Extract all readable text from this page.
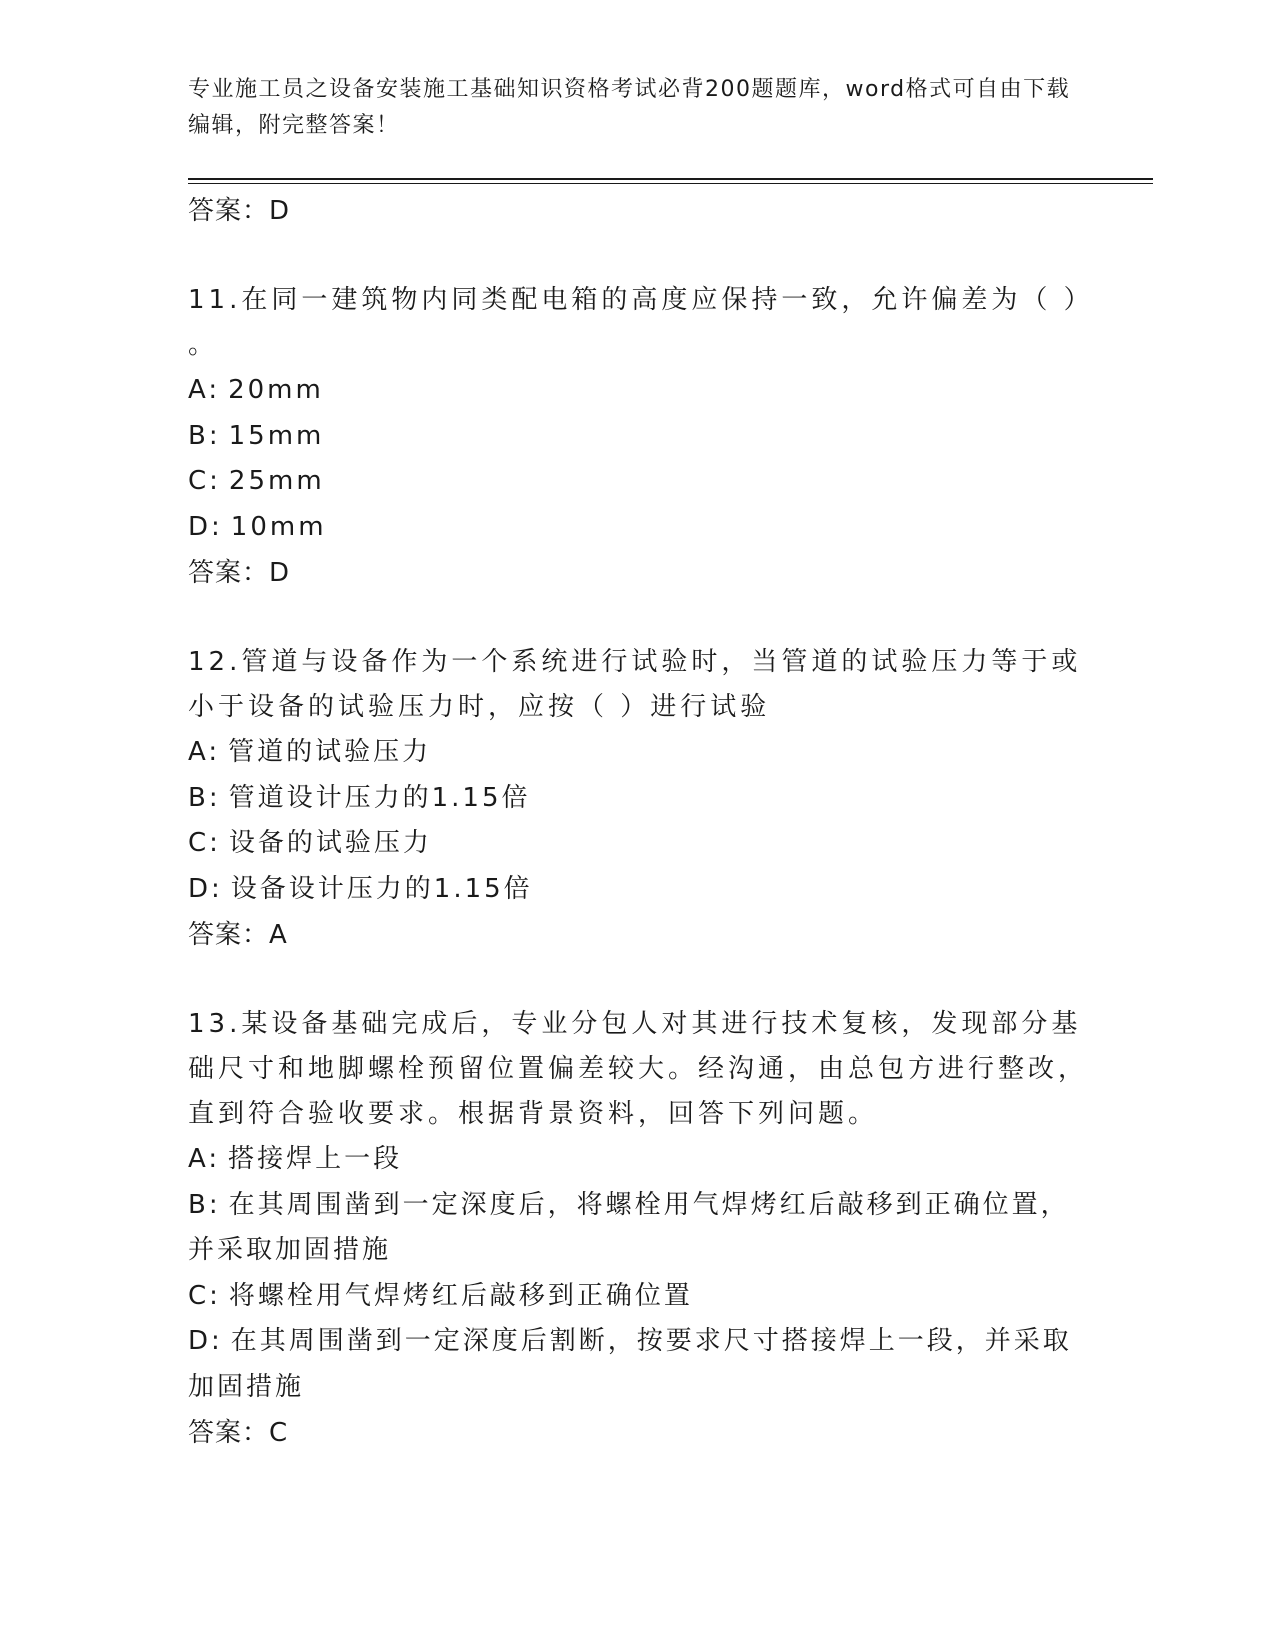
专业施工员之设备安装施工基础知识资格考试必背200题题库，word格式可自由下载编辑，附完整答案！
答案：D
11.在同一建筑物内同类配电箱的高度应保持一致，允许偏差为（ ）
。
A: 20mm
B: 15mm
C: 25mm
D: 10mm
答案：D
12.管道与设备作为一个系统进行试验时，当管道的试验压力等于或小于设备的试验压力时，应按（ ）进行试验
A: 管道的试验压力
B: 管道设计压力的1.15倍
C: 设备的试验压力
D: 设备设计压力的1.15倍
答案：A
13.某设备基础完成后，专业分包人对其进行技术复核，发现部分基础尺寸和地脚螺栓预留位置偏差较大。经沟通，由总包方进行整改，直到符合验收要求。根据背景资料，回答下列问题。
A: 搭接焊上一段
B: 在其周围凿到一定深度后，将螺栓用气焊烤红后敲移到正确位置，并采取加固措施
C: 将螺栓用气焊烤红后敲移到正确位置
D: 在其周围凿到一定深度后割断，按要求尺寸搭接焊上一段，并采取加固措施
答案：C
